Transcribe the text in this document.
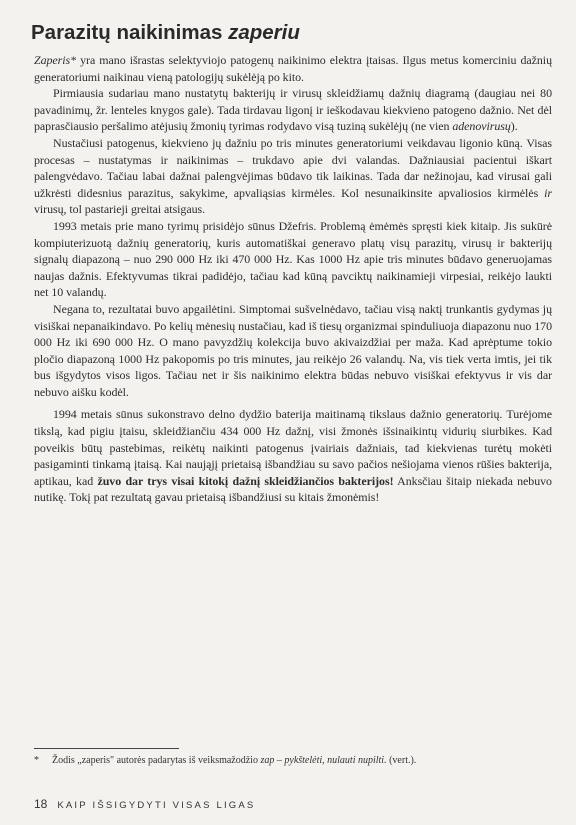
Parazitų naikinimas zaperiu

Zaperis* yra mano išrastas selektyviojo patogenų naikinimo elektra įtaisas. Ilgus metus komerciniu dažnių generatoriumi naikinau vieną patologijų sukėlėją po kito.

Pirmiausia sudariau mano nustatytų bakterijų ir virusų skleidžiamų dažnių diagramą (daugiau nei 80 pavadinimų, žr. lenteles knygos gale). Tada tirdavau ligonį ir ieškodavau kiekvieno patogeno dažnio. Net dėl paprasčiausio peršalimo atėjusių žmonių tyrimas rodydavo visą tuziną sukėlėjų (ne vien adenovirusų).

Nustačiusi patogenus, kiekvieno jų dažniu po tris minutes generatoriumi veikdavau ligonio kūną. Visas procesas – nustatymas ir naikinimas – trukdavo apie dvi valandas. Dažniausiai pacientui iškart palengvėdavo. Tačiau labai dažnai palengvėjimas būdavo tik laikinas. Tada dar nežinojau, kad virusai gali užkrėsti didesnius parazitus, sakykime, apvaliąsias kirmėles. Kol nesunaikinsite apvaliosios kirmėlės ir virusų, tol pastarieji greitai atsigaus.

1993 metais prie mano tyrimų prisidėjo sūnus Džefris. Problemą ėmėmės spręsti kiek kitaip. Jis sukūrė kompiuterizuotą dažnių generatorių, kuris automatiškai generavo platų visų parazitų, virusų ir bakterijų signalų diapazoną – nuo 290 000 Hz iki 470 000 Hz. Kas 1000 Hz apie tris minutes būdavo generuojamas naujas dažnis. Efektyvumas tikrai padidėjo, tačiau kad kūną pavciktų naikinamieji virpesiai, reikėjo laukti net 10 valandų.

Negana to, rezultatai buvo apgailėtini. Simptomai sušvelnėdavo, tačiau visą naktį trunkantis gydymas jų visiškai nepanaikindavo. Po kelių mėnesių nustačiau, kad iš tiesų organizmai spinduliuoja diapazonu nuo 170 000 Hz iki 690 000 Hz. O mano pavyzdžių kolekcija buvo akivaizdžiai per maža. Kad aprėptume tokio pločio diapazoną 1000 Hz pakopomis po tris minutes, jau reikėjo 26 valandų. Na, vis tiek verta imtis, jei tik bus išgydytos visos ligos. Tačiau net ir šis naikinimo elektra būdas nebuvo visiškai efektyvus ir vis dar nebuvo aišku kodėl.

1994 metais sūnus sukonstravo delno dydžio baterija maitinamą tikslaus dažnio generatorių. Turėjome tikslą, kad pigiu įtaisu, skleidžiančiu 434 000 Hz dažnį, visi žmonės išsinaikintų vidurių siurbikes. Kad poveikis būtų pastebimas, reikėtų naikinti patogenus įvairiais dažniais, tad kiekvienas turėtų mokėti pasigaminti tinkamą įtaisą. Kai naująjį prietaisą išbandžiau su savo pačios nešiojama vienos rūšies bakterija, aptikau, kad žuvo dar trys visai kitokį dažnį skleidžiančios bakterijos! Anksčiau šitaip niekada nebuvo nutikę. Tokį pat rezultatą gavau prietaisą išbandžiusi su kitais žmonėmis!

* Žodis „zaperis" autorės padarytas iš veiksmažodžio zap – pykštelėti, nulauti nupilti. (vert.).
18 KAIP IŠSIGYDYTI VISAS LIGAS
